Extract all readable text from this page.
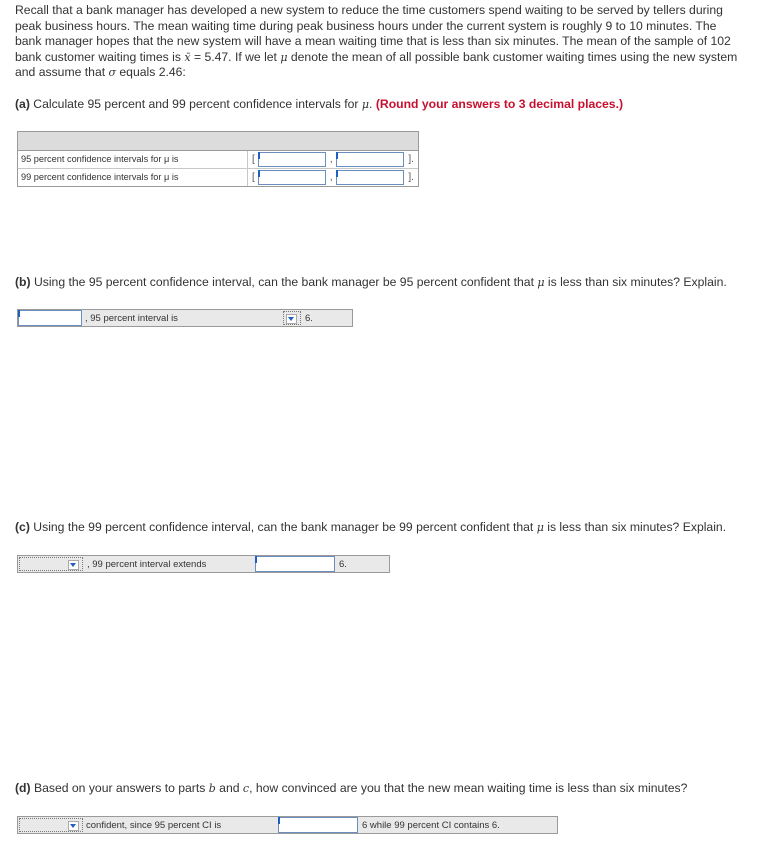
Recall that a bank manager has developed a new system to reduce the time customers spend waiting to be served by tellers during
peak business hours. The mean waiting time during peak business hours under the current system is roughly 9 to 10 minutes. The
bank manager hopes that the new system will have a mean waiting time that is less than six minutes. The mean of the sample of 102
bank customer waiting times is x̄ = 5.47. If we let μ denote the mean of all possible bank customer waiting times using the new system
and assume that σ equals 2.46:
(a) Calculate 95 percent and 99 percent confidence intervals for μ. (Round your answers to 3 decimal places.)
95 percent confidence intervals for μ is	[	,	].
99 percent confidence intervals for μ is	[	,	].
(b) Using the 95 percent confidence interval, can the bank manager be 95 percent confident that μ is less than six minutes? Explain.
, 95 percent interval is	6.
(c) Using the 99 percent confidence interval, can the bank manager be 99 percent confident that μ is less than six minutes? Explain.
, 99 percent interval extends	6.
(d) Based on your answers to parts b and c, how convinced are you that the new mean waiting time is less than six minutes?
confident, since 95 percent CI is	6 while 99 percent CI contains 6.
